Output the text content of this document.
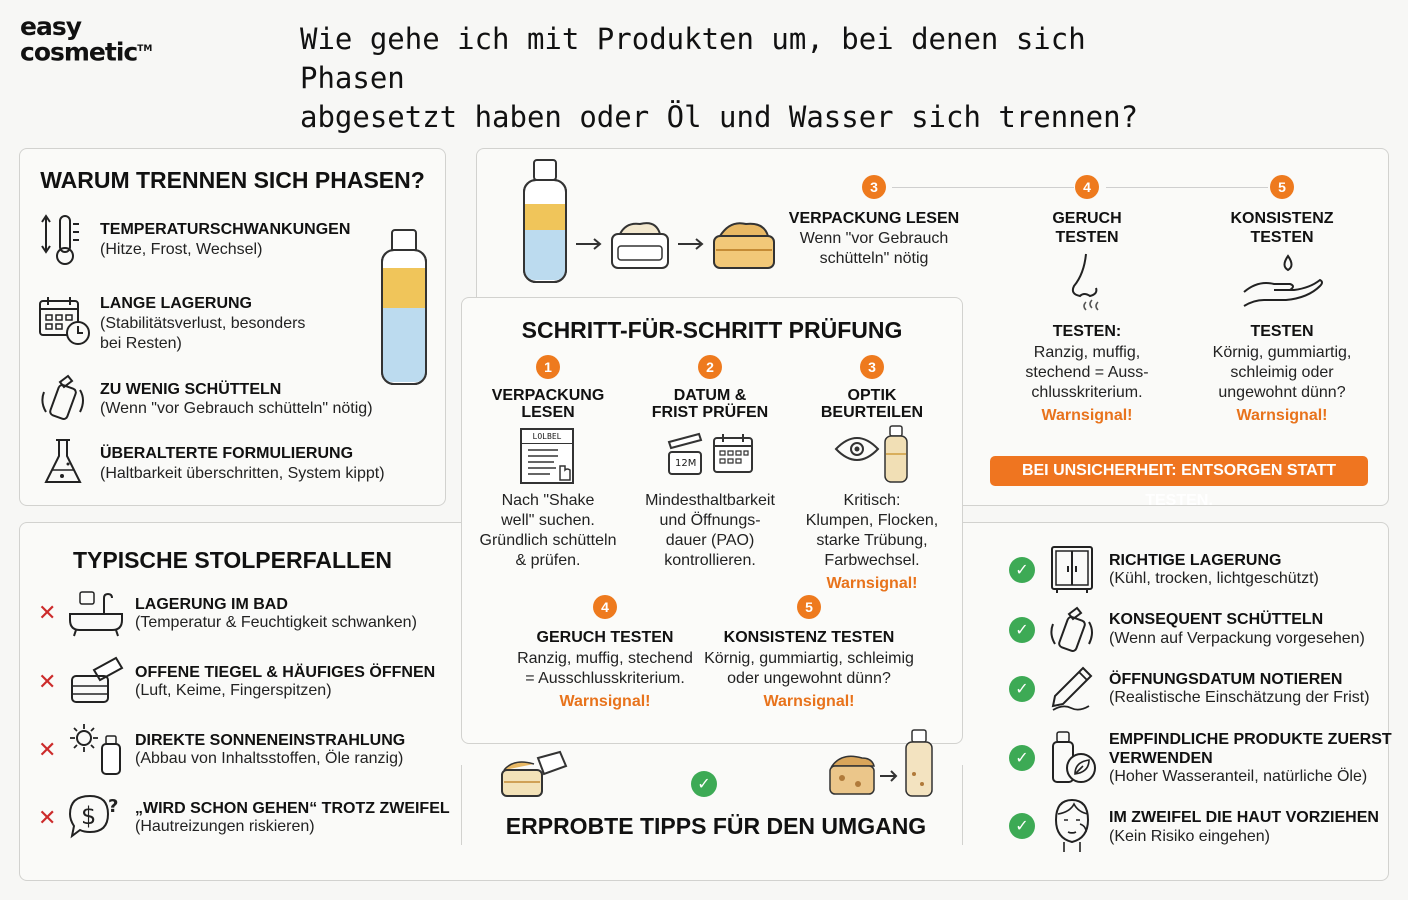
easy
cosmetic™	Wie gehe ich mit Produkten um, bei denen sich Phasen
abgesetzt haben oder Öl und Wasser sich trennen?
WARUM TRENNEN SICH PHASEN?
TEMPERATURSCHWANKUNGEN
(Hitze, Frost, Wechsel)
LANGE LAGERUNG
(Stabilitätsverlust, besonders
bei Resten)
ZU WENIG SCHÜTTELN
(Wenn "vor Gebrauch schütteln" nötig)
ÜBERALTERTE FORMULIERUNG
(Haltbarkeit überschritten, System kippt)
3	4	5
VERPACKUNG LESEN
Wenn "vor Gebrauch
schütteln" nötig
GERUCH
TESTEN
TESTEN:
Ranzig, muffig,
stechend = Auss-
chlusskriterium.
Warnsignal!
KONSISTENZ
TESTEN
TESTEN
Körnig, gummiartig,
schleimig oder
ungewohnt dünn?
Warnsignal!
BEI UNSICHERHEIT: ENTSORGEN STATT TESTEN.
SCHRITT-FÜR-SCHRITT PRÜFUNG
1	2	3
VERPACKUNG
LESEN
DATUM &
FRIST PRÜFEN
OPTIK
BEURTEILEN
LOLBEL
12M
Nach "Shake
well" suchen.
Gründlich schütteln
& prüfen.
Mindesthaltbarkeit
und Öffnungs-
dauer (PAO)
kontrollieren.
Kritisch:
Klumpen, Flocken,
starke Trübung,
Farbwechsel.
Warnsignal!
4	5
GERUCH TESTEN
Ranzig, muffig, stechend
= Ausschlusskriterium.
Warnsignal!
KONSISTENZ TESTEN
Körnig, gummiartig, schleimig
oder ungewohnt dünn?
Warnsignal!
TYPISCHE STOLPERFALLEN
✕	LAGERUNG IM BAD
(Temperatur & Feuchtigkeit schwanken)
✕	OFFENE TIEGEL & HÄUFIGES ÖFFNEN
(Luft, Keime, Fingerspitzen)
✕	DIREKTE SONNENEINSTRAHLUNG
(Abbau von Inhaltsstoffen, Öle ranzig)
✕ $ ? „WIRD SCHON GEHEN“ TROTZ ZWEIFEL
(Hautreizungen riskieren)
✓
ERPROBTE TIPPS FÜR DEN UMGANG
✓	RICHTIGE LAGERUNG
(Kühl, trocken, lichtgeschützt)
✓
KONSEQUENT SCHÜTTELN
(Wenn auf Verpackung vorgesehen)
✓	ÖFFNUNGSDATUM NOTIEREN
(Realistische Einschätzung der Frist)
✓
EMPFINDLICHE PRODUKTE ZUERST
VERWENDEN
(Hoher Wasseranteil, natürliche Öle)
✓	IM ZWEIFEL DIE HAUT VORZIEHEN
(Kein Risiko eingehen)
